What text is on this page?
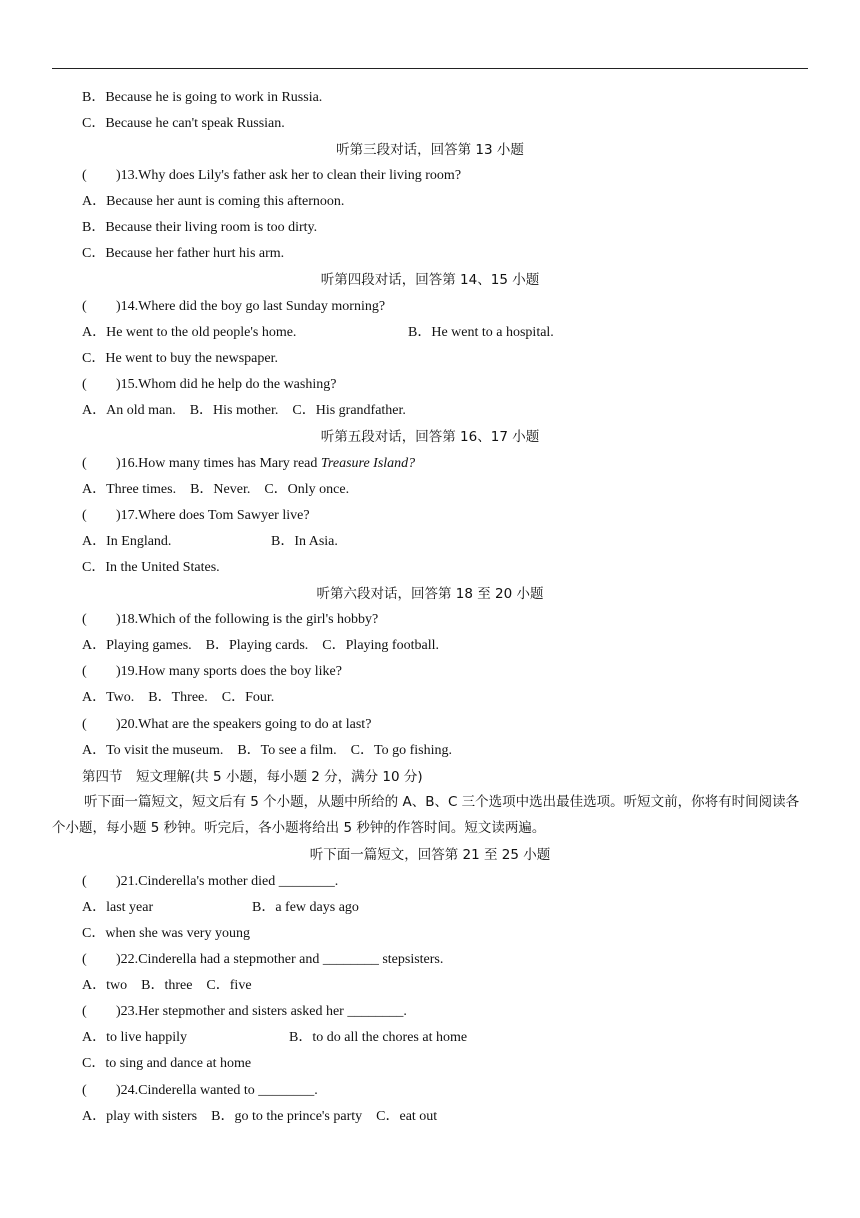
B．Because he is going to work in Russia.
C．Because he can't speak Russian.
听第三段对话，回答第 13 小题
( )13.Why does Lily's father ask her to clean their living room?
A．Because her aunt is coming this afternoon.
B．Because their living room is too dirty.
C．Because her father hurt his arm.
听第四段对话，回答第 14、15 小题
( )14.Where did the boy go last Sunday morning?
A．He went to the old people's home.	B．He went to a hospital.
C．He went to buy the newspaper.
( )15.Whom did he help do the washing?
A．An old man.　B．His mother.　C．His grandfather.
听第五段对话，回答第 16、17 小题
( )16.How many times has Mary read Treasure Island?
A．Three times.　B．Never.　C．Only once.
( )17.Where does Tom Sawyer live?
A．In England.	B．In Asia.
C．In the United States.
听第六段对话，回答第 18 至 20 小题
( )18.Which of the following is the girl's hobby?
A．Playing games.　B．Playing cards.　C．Playing football.
( )19.How many sports does the boy like?
A．Two.　B．Three.　C．Four.
( )20.What are the speakers going to do at last?
A．To visit the museum.　B．To see a film.　C．To go fishing.
第四节　短文理解(共 5 小题，每小题 2 分，满分 10 分)
听下面一篇短文，短文后有 5 个小题，从题中所给的 A、B、C 三个选项中选出最佳选项。听短文前，你将有时间阅读各个小题，每小题 5 秒钟。听完后，各小题将给出 5 秒钟的作答时间。短文读两遍。
听下面一篇短文，回答第 21 至 25 小题
( )21.Cinderella's mother died ________.
A．last year	B．a few days ago
C．when she was very young
( )22.Cinderella had a stepmother and ________ stepsisters.
A．two　B．three　C．five
( )23.Her stepmother and sisters asked her ________.
A．to live happily	B．to do all the chores at home
C．to sing and dance at home
( )24.Cinderella wanted to ________.
A．play with sisters　B．go to the prince's party　C．eat out
